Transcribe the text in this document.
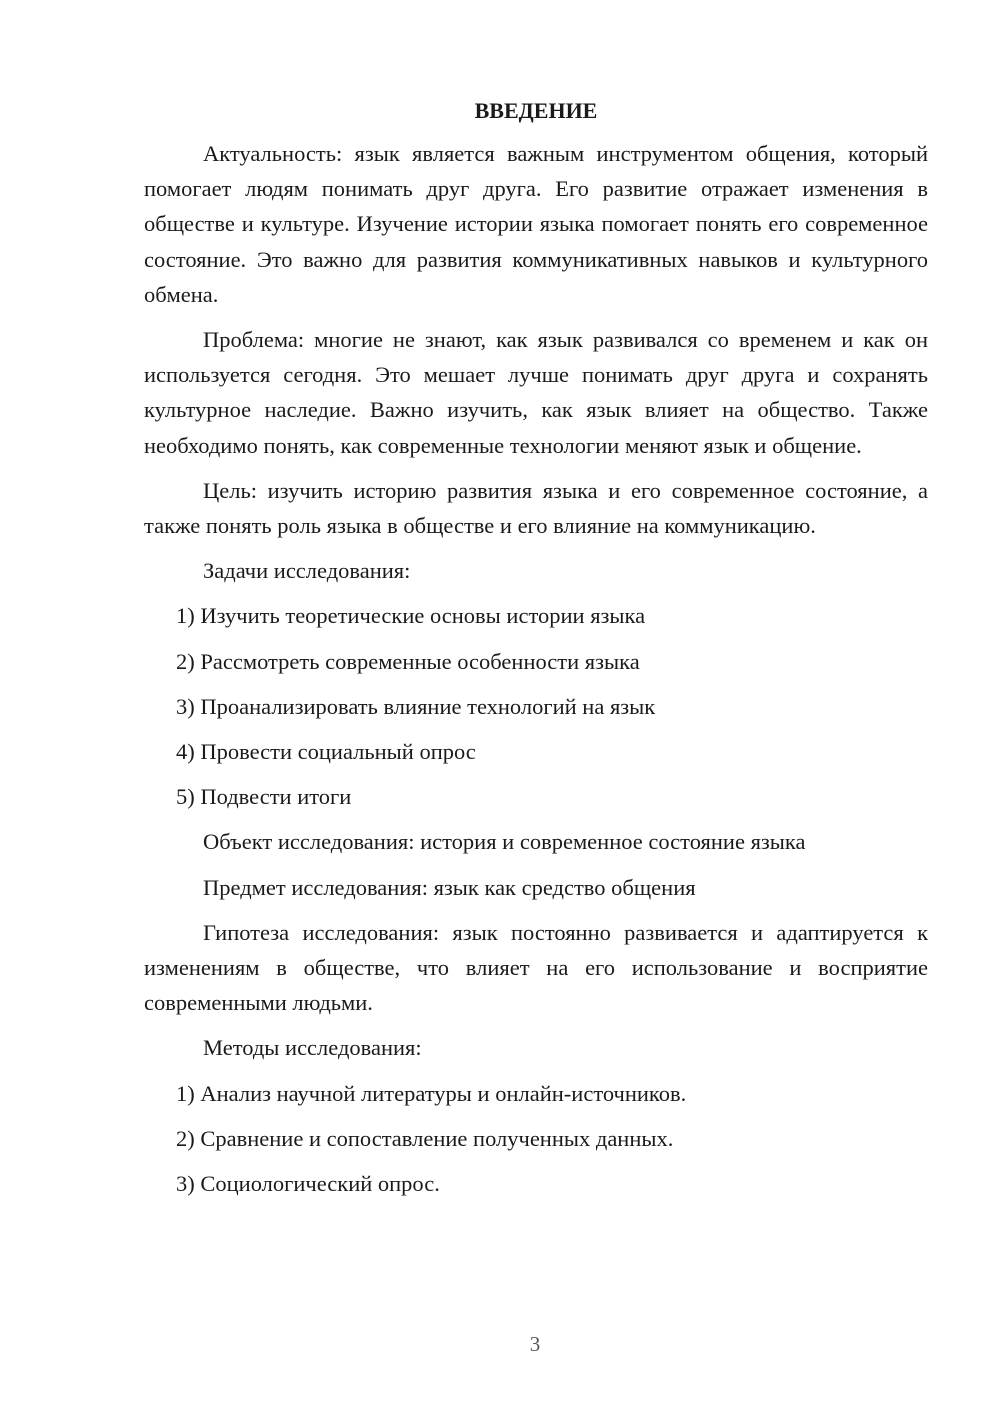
ВВЕДЕНИЕ

Актуальность: язык является важным инструментом общения, который помогает людям понимать друг друга. Его развитие отражает изменения в обществе и культуре. Изучение истории языка помогает понять его современное состояние. Это важно для развития коммуникативных навыков и культурного обмена.

Проблема: многие не знают, как язык развивался со временем и как он используется сегодня. Это мешает лучше понимать друг друга и сохранять культурное наследие. Важно изучить, как язык влияет на общество. Также необходимо понять, как современные технологии меняют язык и общение.

Цель: изучить историю развития языка и его современное состояние, а также понять роль языка в обществе и его влияние на коммуникацию.

Задачи исследования:
1) Изучить теоретические основы истории языка
2) Рассмотреть современные особенности языка
3) Проанализировать влияние технологий на язык
4) Провести социальный опрос
5) Подвести итоги
Объект исследования: история и современное состояние языка
Предмет исследования: язык как средство общения

Гипотеза исследования: язык постоянно развивается и адаптируется к изменениям в обществе, что влияет на его использование и восприятие современными людьми.

Методы исследования:
1) Анализ научной литературы и онлайн-источников.
2) Сравнение и сопоставление полученных данных.
3) Социологический опрос.
3
